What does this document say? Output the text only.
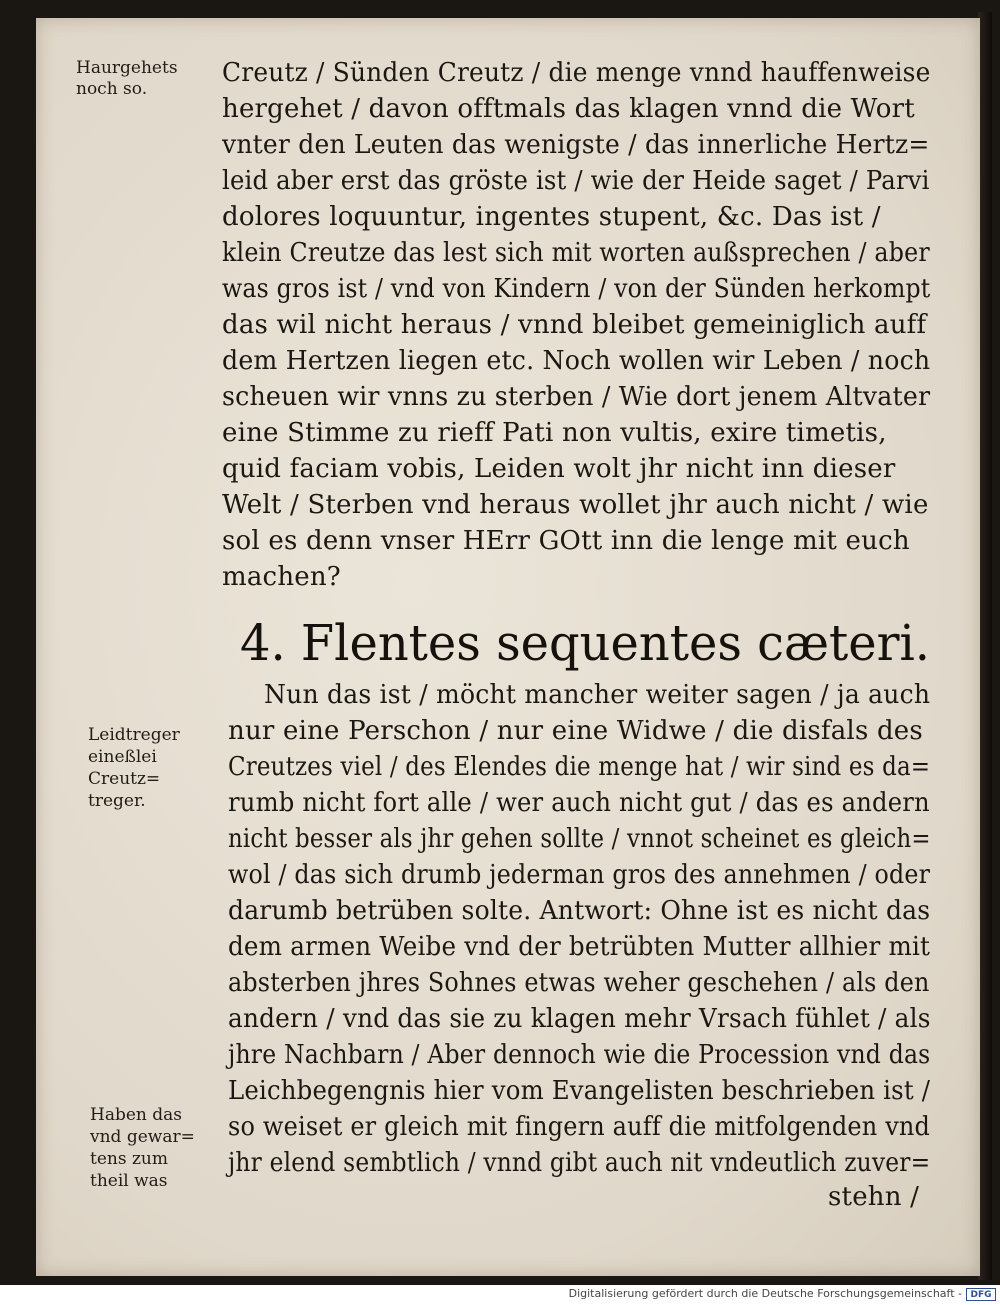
Haurgehets
noch so.
Leidtreger
eineßlei
Creutz=
treger.
Haben das
vnd gewar=
tens zum
theil was
Creutz / Sünden Creutz / die menge vnnd hauffenweise
hergehet / davon offtmals das klagen vnnd die Wort
vnter den Leuten das wenigste / das innerliche Hertz=
leid aber erst das gröste ist / wie der Heide saget / Parvi
dolores loquuntur, ingentes stupent, &c. Das ist /
klein Creutze das lest sich mit worten außsprechen / aber
was gros ist / vnd von Kindern / von der Sünden herkompt
das wil nicht heraus / vnnd bleibet gemeiniglich auff
dem Hertzen liegen etc. Noch wollen wir Leben / noch
scheuen wir vnns zu sterben / Wie dort jenem Altvater
eine Stimme zu rieff Pati non vultis, exire timetis,
quid faciam vobis, Leiden wolt jhr nicht inn dieser
Welt / Sterben vnd heraus wollet jhr auch nicht / wie
sol es denn vnser HErr GOtt inn die lenge mit euch
machen?
4. Flentes sequentes cæteri.
Nun das ist / möcht mancher weiter sagen / ja auch
nur eine Perschon / nur eine Widwe / die disfals des
Creutzes viel / des Elendes die menge hat / wir sind es da=
rumb nicht fort alle / wer auch nicht gut / das es andern
nicht besser als jhr gehen sollte / vnnot scheinet es gleich=
wol / das sich drumb jederman gros des annehmen / oder
darumb betrüben solte. Antwort: Ohne ist es nicht das
dem armen Weibe vnd der betrübten Mutter allhier mit
absterben jhres Sohnes etwas weher geschehen / als den
andern / vnd das sie zu klagen mehr Vrsach fühlet / als
jhre Nachbarn / Aber dennoch wie die Procession vnd das
Leichbegengnis hier vom Evangelisten beschrieben ist /
so weiset er gleich mit fingern auff die mitfolgenden vnd
jhr elend sembtlich / vnnd gibt auch nit vndeutlich zuver=
stehn /
Digitalisierung gefördert durch die Deutsche Forschungsgemeinschaft - DFG
